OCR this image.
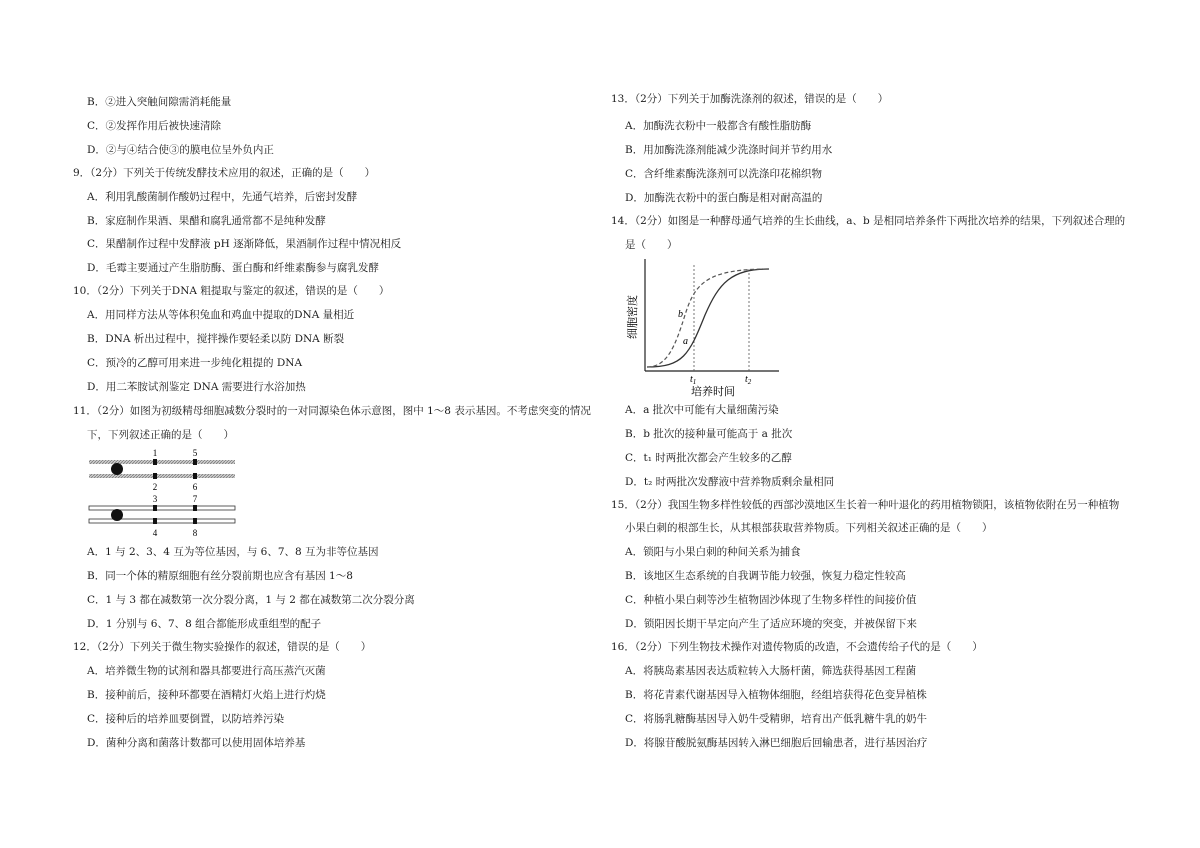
B．②进入突触间隙需消耗能量
C．②发挥作用后被快速清除
D．②与④结合使③的膜电位呈外负内正
9．（2分）下列关于传统发酵技术应用的叙述，正确的是（　　）
A．利用乳酸菌制作酸奶过程中，先通气培养，后密封发酵
B．家庭制作果酒、果醋和腐乳通常都不是纯种发酵
C．果醋制作过程中发酵液 pH 逐渐降低，果酒制作过程中情况相反
D．毛霉主要通过产生脂肪酶、蛋白酶和纤维素酶参与腐乳发酵
10．（2分）下列关于DNA 粗提取与鉴定的叙述，错误的是（　　）
A．用同样方法从等体积兔血和鸡血中提取的DNA 量相近
B．DNA 析出过程中，搅拌操作要轻柔以防 DNA 断裂
C．预冷的乙醇可用来进一步纯化粗提的 DNA
D．用二苯胺试剂鉴定 DNA 需要进行水浴加热
11．（2分）如图为初级精母细胞减数分裂时的一对同源染色体示意图，图中 1～8 表示基因。不考虑突变的情况
下，下列叙述正确的是（　　）
1	5
2	6
3	7
4	8
A．1 与 2、3、4 互为等位基因，与 6、7、8 互为非等位基因
B．同一个体的精原细胞有丝分裂前期也应含有基因 1～8
C．1 与 3 都在减数第一次分裂分离，1 与 2 都在减数第二次分裂分离
D．1 分别与 6、7、8 组合都能形成重组型的配子
12．（2分）下列关于微生物实验操作的叙述，错误的是（　　）
A．培养微生物的试剂和器具都要进行高压蒸汽灭菌
B．接种前后，接种环都要在酒精灯火焰上进行灼烧
C．接种后的培养皿要倒置，以防培养污染
D．菌种分离和菌落计数都可以使用固体培养基
13．（2分）下列关于加酶洗涤剂的叙述，错误的是（　　）
A．加酶洗衣粉中一般都含有酸性脂肪酶
B．用加酶洗涤剂能减少洗涤时间并节约用水
C．含纤维素酶洗涤剂可以洗涤印花棉织物
D．加酶洗衣粉中的蛋白酶是相对耐高温的
14．（2分）如图是一种酵母通气培养的生长曲线，a、b 是相同培养条件下两批次培养的结果，下列叙述合理的
是（　　）
细胞密度
a
b
$t_1$	$t_2$
培养时间
A．a 批次中可能有大量细菌污染
B．b 批次的接种量可能高于 a 批次
C．t₁ 时两批次都会产生较多的乙醇
D．t₂ 时两批次发酵液中营养物质剩余量相同
15．（2分）我国生物多样性较低的西部沙漠地区生长着一种叶退化的药用植物锁阳，该植物依附在另一种植物
小果白刺的根部生长，从其根部获取营养物质。下列相关叙述正确的是（　　）
A．锁阳与小果白刺的种间关系为捕食
B．该地区生态系统的自我调节能力较强，恢复力稳定性较高
C．种植小果白刺等沙生植物固沙体现了生物多样性的间接价值
D．锁阳因长期干旱定向产生了适应环境的突变，并被保留下来
16．（2分）下列生物技术操作对遗传物质的改造，不会遗传给子代的是（　　）
A．将胰岛素基因表达质粒转入大肠杆菌，筛选获得基因工程菌
B．将花青素代谢基因导入植物体细胞，经组培获得花色变异植株
C．将肠乳糖酶基因导入奶牛受精卵，培育出产低乳糖牛乳的奶牛
D．将腺苷酸脱氨酶基因转入淋巴细胞后回输患者，进行基因治疗
